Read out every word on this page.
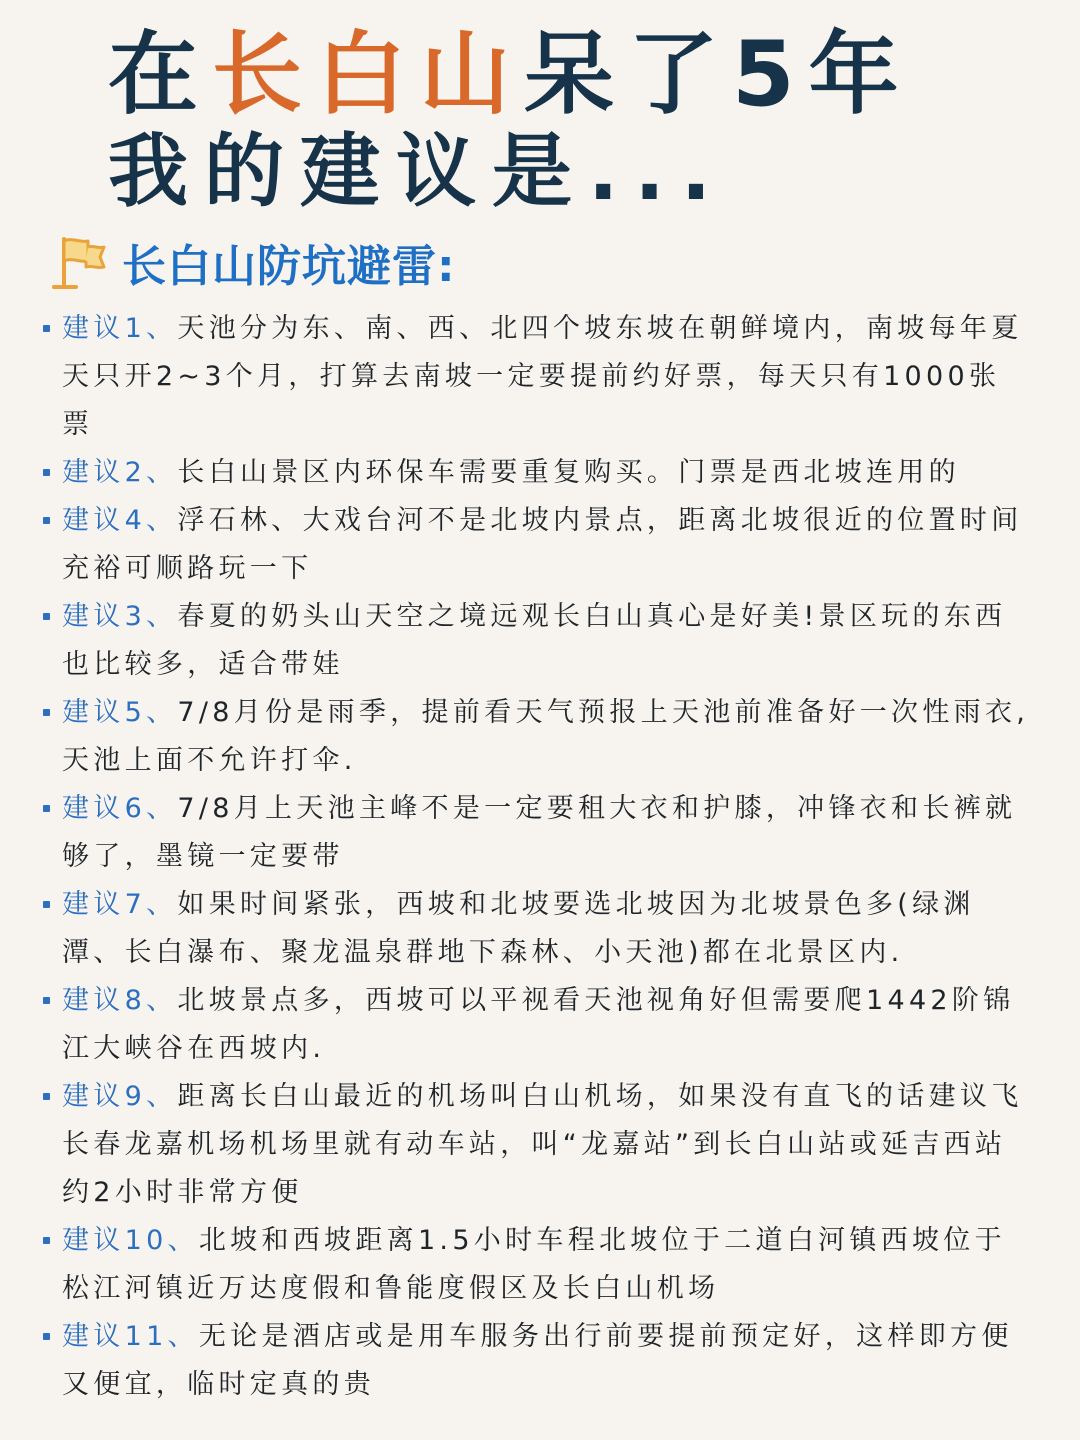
在长白山呆了5年
我的建议是...
长白山防坑避雷:
建议1、天池分为东、南、西、北四个坡东坡在朝鲜境内，南坡每年夏天只开2~3个月，打算去南坡一定要提前约好票，每天只有1000张票
建议2、长白山景区内环保车需要重复购买。门票是西北坡连用的
建议4、浮石林、大戏台河不是北坡内景点，距离北坡很近的位置时间充裕可顺路玩一下
建议3、春夏的奶头山天空之境远观长白山真心是好美!景区玩的东西也比较多，适合带娃
建议5、7/8月份是雨季，提前看天气预报上天池前准备好一次性雨衣,天池上面不允许打伞.
建议6、7/8月上天池主峰不是一定要租大衣和护膝，冲锋衣和长裤就够了，墨镜一定要带
建议7、如果时间紧张，西坡和北坡要选北坡因为北坡景色多(绿渊潭、长白瀑布、聚龙温泉群地下森林、小天池)都在北景区内.
建议8、北坡景点多，西坡可以平视看天池视角好但需要爬1442阶锦江大峡谷在西坡内.
建议9、距离长白山最近的机场叫白山机场，如果没有直飞的话建议飞长春龙嘉机场机场里就有动车站，叫“龙嘉站”到长白山站或延吉西站约2小时非常方便
建议10、北坡和西坡距离1.5小时车程北坡位于二道白河镇西坡位于松江河镇近万达度假和鲁能度假区及长白山机场
建议11、无论是酒店或是用车服务出行前要提前预定好，这样即方便又便宜，临时定真的贵
